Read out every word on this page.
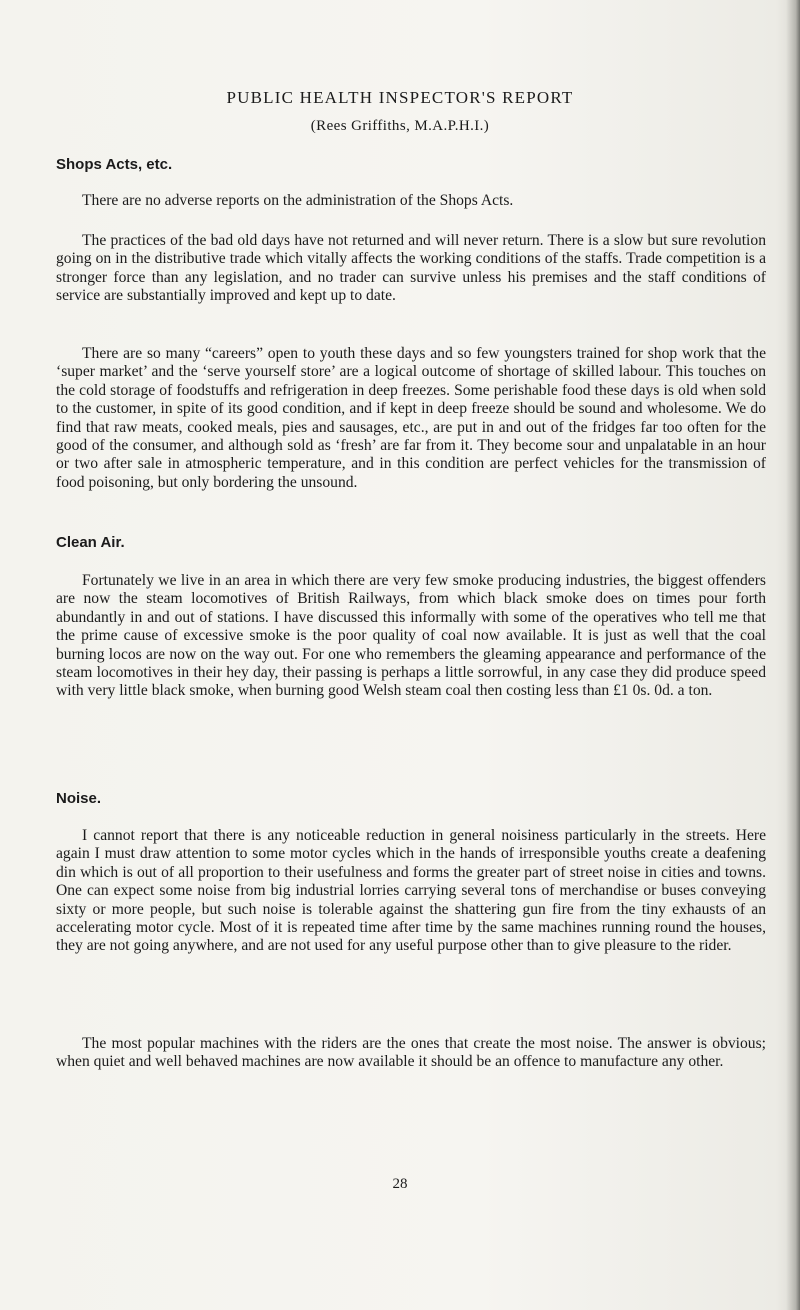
PUBLIC HEALTH INSPECTOR'S REPORT
(Rees Griffiths, M.A.P.H.I.)
Shops Acts, etc.
There are no adverse reports on the administration of the Shops Acts.
The practices of the bad old days have not returned and will never return. There is a slow but sure revolution going on in the distributive trade which vitally affects the working conditions of the staffs. Trade competition is a stronger force than any legislation, and no trader can survive unless his premises and the staff conditions of service are substantially improved and kept up to date.
There are so many “careers” open to youth these days and so few youngsters trained for shop work that the ‘super market’ and the ‘serve yourself store’ are a logical outcome of shortage of skilled labour. This touches on the cold storage of foodstuffs and refrigeration in deep freezes. Some perishable food these days is old when sold to the customer, in spite of its good condition, and if kept in deep freeze should be sound and wholesome. We do find that raw meats, cooked meals, pies and sausages, etc., are put in and out of the fridges far too often for the good of the consumer, and although sold as ‘fresh’ are far from it. They become sour and unpalatable in an hour or two after sale in atmospheric temperature, and in this condition are perfect vehicles for the transmission of food poisoning, but only bordering the unsound.
Clean Air.
Fortunately we live in an area in which there are very few smoke producing industries, the biggest offenders are now the steam locomotives of British Railways, from which black smoke does on times pour forth abundantly in and out of stations. I have discussed this informally with some of the operatives who tell me that the prime cause of excessive smoke is the poor quality of coal now available. It is just as well that the coal burning locos are now on the way out. For one who remembers the gleaming appearance and performance of the steam locomotives in their hey day, their passing is perhaps a little sorrowful, in any case they did produce speed with very little black smoke, when burning good Welsh steam coal then costing less than £1 0s. 0d. a ton.
Noise.
I cannot report that there is any noticeable reduction in general noisiness particularly in the streets. Here again I must draw attention to some motor cycles which in the hands of irresponsible youths create a deafening din which is out of all proportion to their usefulness and forms the greater part of street noise in cities and towns. One can expect some noise from big industrial lorries carrying several tons of merchandise or buses conveying sixty or more people, but such noise is tolerable against the shattering gun fire from the tiny exhausts of an accelerating motor cycle. Most of it is repeated time after time by the same machines running round the houses, they are not going anywhere, and are not used for any useful purpose other than to give pleasure to the rider.
The most popular machines with the riders are the ones that create the most noise. The answer is obvious; when quiet and well behaved machines are now available it should be an offence to manufacture any other.
28
